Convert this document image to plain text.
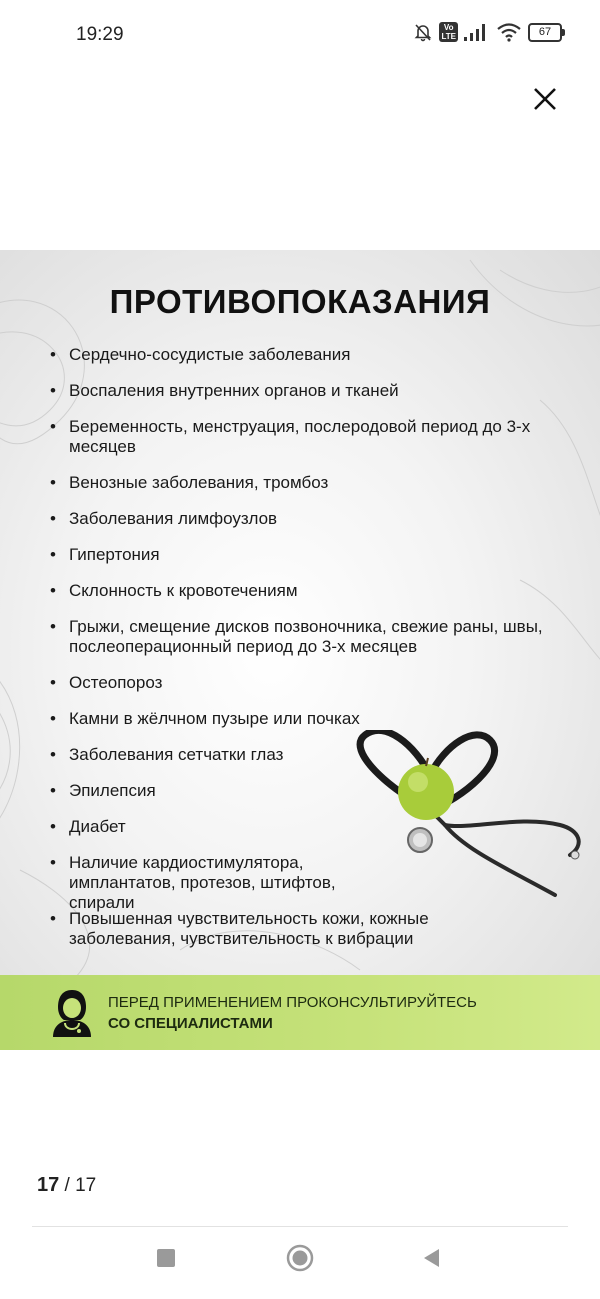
19:29	Vo
LTE	67
ПРОТИВОПОКАЗАНИЯ
• Сердечно-сосудистые заболевания
• Воспаления внутренних органов и тканей
• Беременность, менструация, послеродовой период до 3-х месяцев
• Венозные заболевания, тромбоз
• Заболевания лимфоузлов
• Гипертония
• Склонность к кровотечениям
• Грыжи, смещение дисков позвоночника, свежие раны, швы, послеоперационный период до 3-х месяцев
• Остеопороз
• Камни в жёлчном пузыре или почках
• Заболевания сетчатки глаз
• Эпилепсия
• Диабет
• Наличие кардиостимулятора, имплантатов, протезов, штифтов, спирали
• Повышенная чувствительность кожи, кожные заболевания, чувствительность к вибрации
ПЕРЕД ПРИМЕНЕНИЕМ ПРОКОНСУЛЬТИРУЙТЕСЬ
СО СПЕЦИАЛИСТАМИ
17 / 17
